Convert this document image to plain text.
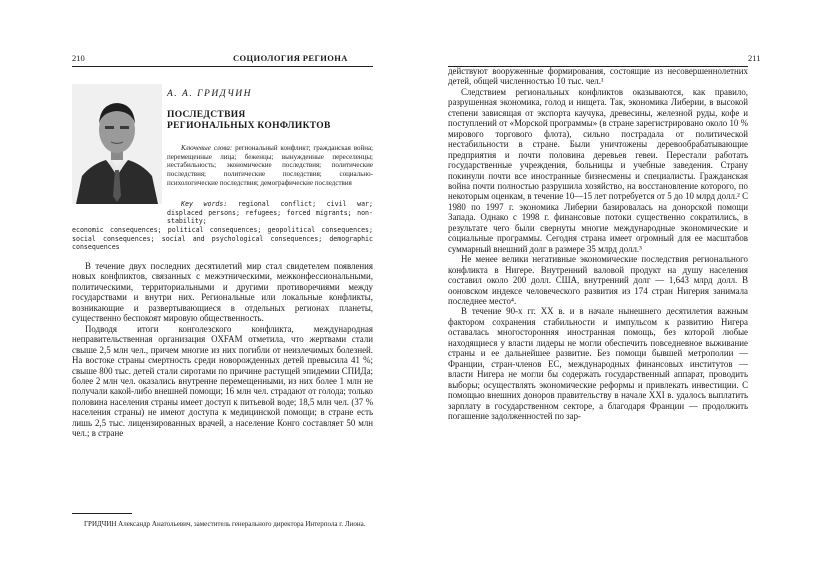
210	СОЦИОЛОГИЯ РЕГИОНА
А. А. ГРИДЧИН
ПОСЛЕДСТВИЯ
РЕГИОНАЛЬНЫХ КОНФЛИКТОВ
Ключевые слова: региональный конфликт; гражданская война; перемещенные лица; беженцы; вынужденные переселенцы; нестабильность; экономические последствия; политические последствия; политические последствия; социально-психологические последствия; демографические последствия
Key words: regional conflict; civil war; displaced persons; refugees; forced migrants; non-stability;
economic consequences; political consequences; geopolitical consequences; social consequences; social and psychological consequences; demographic consequences

В течение двух последних десятилетий мир стал свидетелем появления новых конфликтов, связанных с межэтническими, межконфессиональными, политическими, территориальными и другими противоречиями между государствами и внутри них. Региональные или локальные конфликты, возникающие и развертывающиеся в отдельных регионах планеты, существенно беспокоят мировую общественность.

Подводя итоги конголезского конфликта, международная неправительственная организация OXFAM отметила, что жертвами стали свыше 2,5 млн чел., причем многие из них погибли от неизлечимых болезней. На востоке страны смертность среди новорожденных детей превысила 41 %; свыше 800 тыс. детей стали сиротами по причине растущей эпидемии СПИДа; более 2 млн чел. оказались внутренне перемещенными, из них более 1 млн не получали какой-либо внешней помощи; 16 млн чел. страдают от голода; только половина населения страны имеет доступ к питьевой воде; 18,5 млн чел. (37 % населения страны) не имеют доступа к медицинской помощи; в стране есть лишь 2,5 тыс. лицензированных врачей, а население Конго составляет 50 млн чел.; в стране

ГРИДЧИН Александр Анатольевич, заместитель генерального директора Интерпола г. Лиона.
211

действуют вооруженные формирования, состоящие из несовершеннолетних детей, общей численностью 10 тыс. чел.¹

Следствием региональных конфликтов оказываются, как правило, разрушенная экономика, голод и нищета. Так, экономика Либерии, в высокой степени зависящая от экспорта каучука, древесины, железной руды, кофе и поступлений от «Морской программы» (в стране зарегистрировано около 10 % мирового торгового флота), сильно пострадала от политической нестабильности в стране. Были уничтожены деревообрабатывающие предприятия и почти половина деревьев гевеи. Перестали работать государственные учреждения, больницы и учебные заведения. Страну покинули почти все иностранные бизнесмены и специалисты. Гражданская война почти полностью разрушила хозяйство, на восстановление которого, по некоторым оценкам, в течение 10—15 лет потребуется от 5 до 10 млрд долл.² С 1980 по 1997 г. экономика Либерии базировалась на донорской помощи Запада. Однако с 1998 г. финансовые потоки существенно сократились, в результате чего были свернуты многие международные экономические и социальные программы. Сегодня страна имеет огромный для ее масштабов суммарный внешний долг в размере 35 млрд долл.³

Не менее велики негативные экономические последствия регионального конфликта в Нигере. Внутренний валовой продукт на душу населения составил около 200 долл. США, внутренний долг — 1,643 млрд долл. В ооновском индексе человеческого развития из 174 стран Нигерия занимала последнее место⁴.

В течение 90-х гг. XX в. и в начале нынешнего десятилетия важным фактором сохранения стабильности и импульсом к развитию Нигера оставалась многосторонняя иностранная помощь, без которой любые находящиеся у власти лидеры не могли обеспечить повседневное выживание страны и ее дальнейшее развитие. Без помощи бывшей метрополии — Франции, стран-членов ЕС, международных финансовых институтов — власти Нигера не могли бы содержать государственный аппарат, проводить выборы; осуществлять экономические реформы и привлекать инвестиции. С помощью внешних доноров правительству в начале XXI в. удалось выплатить зарплату в государственном секторе, а благодаря Франции — продолжить погашение задолженностей по зар-
